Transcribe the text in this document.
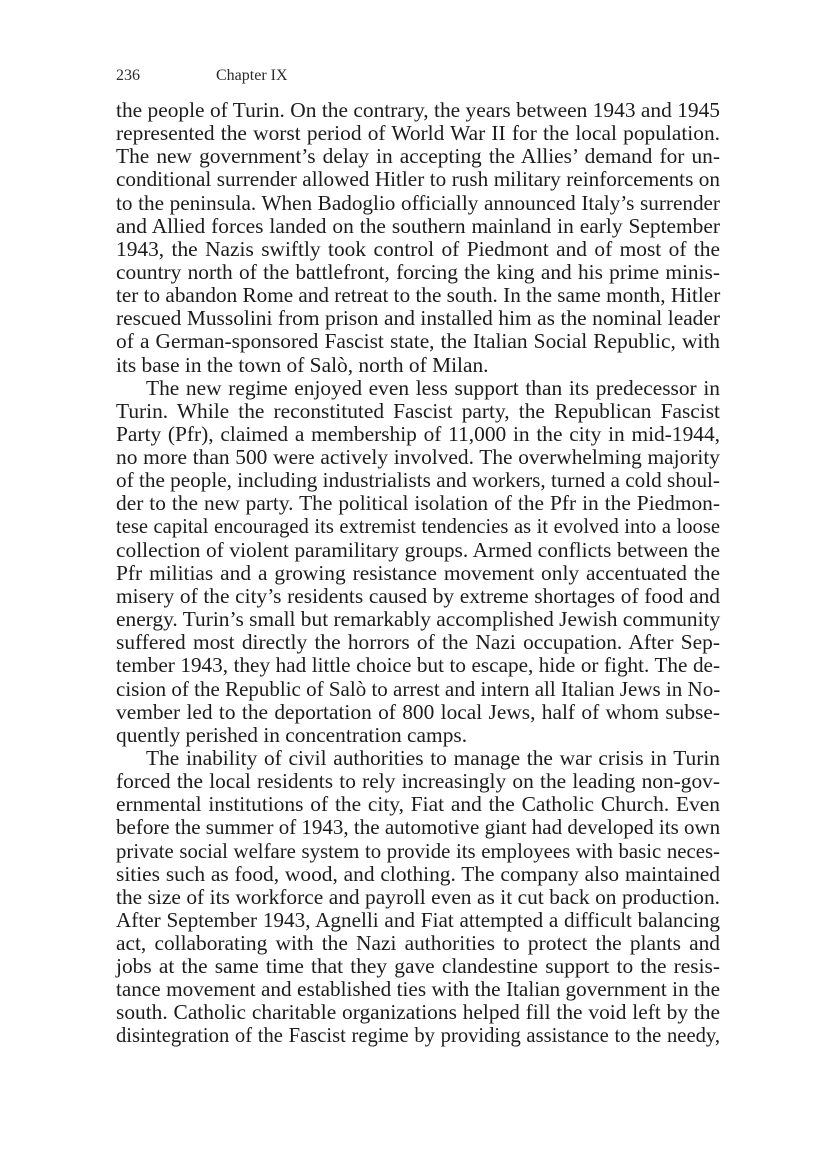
236	Chapter IX
the people of Turin. On the contrary, the years between 1943 and 1945
represented the worst period of World War II for the local population.
The new government’s delay in accepting the Allies’ demand for un-
conditional surrender allowed Hitler to rush military reinforcements on
to the peninsula. When Badoglio officially announced Italy’s surrender
and Allied forces landed on the southern mainland in early September
1943, the Nazis swiftly took control of Piedmont and of most of the
country north of the battlefront, forcing the king and his prime minis-
ter to abandon Rome and retreat to the south. In the same month, Hitler
rescued Mussolini from prison and installed him as the nominal leader
of a German-sponsored Fascist state, the Italian Social Republic, with
its base in the town of Salò, north of Milan.
The new regime enjoyed even less support than its predecessor in
Turin. While the reconstituted Fascist party, the Republican Fascist
Party (Pfr), claimed a membership of 11,000 in the city in mid-1944,
no more than 500 were actively involved. The overwhelming majority
of the people, including industrialists and workers, turned a cold shoul-
der to the new party. The political isolation of the Pfr in the Piedmon-
tese capital encouraged its extremist tendencies as it evolved into a loose
collection of violent paramilitary groups. Armed conflicts between the
Pfr militias and a growing resistance movement only accentuated the
misery of the city’s residents caused by extreme shortages of food and
energy. Turin’s small but remarkably accomplished Jewish community
suffered most directly the horrors of the Nazi occupation. After Sep-
tember 1943, they had little choice but to escape, hide or fight. The de-
cision of the Republic of Salò to arrest and intern all Italian Jews in No-
vember led to the deportation of 800 local Jews, half of whom subse-
quently perished in concentration camps.
The inability of civil authorities to manage the war crisis in Turin
forced the local residents to rely increasingly on the leading non-gov-
ernmental institutions of the city, Fiat and the Catholic Church. Even
before the summer of 1943, the automotive giant had developed its own
private social welfare system to provide its employees with basic neces-
sities such as food, wood, and clothing. The company also maintained
the size of its workforce and payroll even as it cut back on production.
After September 1943, Agnelli and Fiat attempted a difficult balancing
act, collaborating with the Nazi authorities to protect the plants and
jobs at the same time that they gave clandestine support to the resis-
tance movement and established ties with the Italian government in the
south. Catholic charitable organizations helped fill the void left by the
disintegration of the Fascist regime by providing assistance to the needy,
